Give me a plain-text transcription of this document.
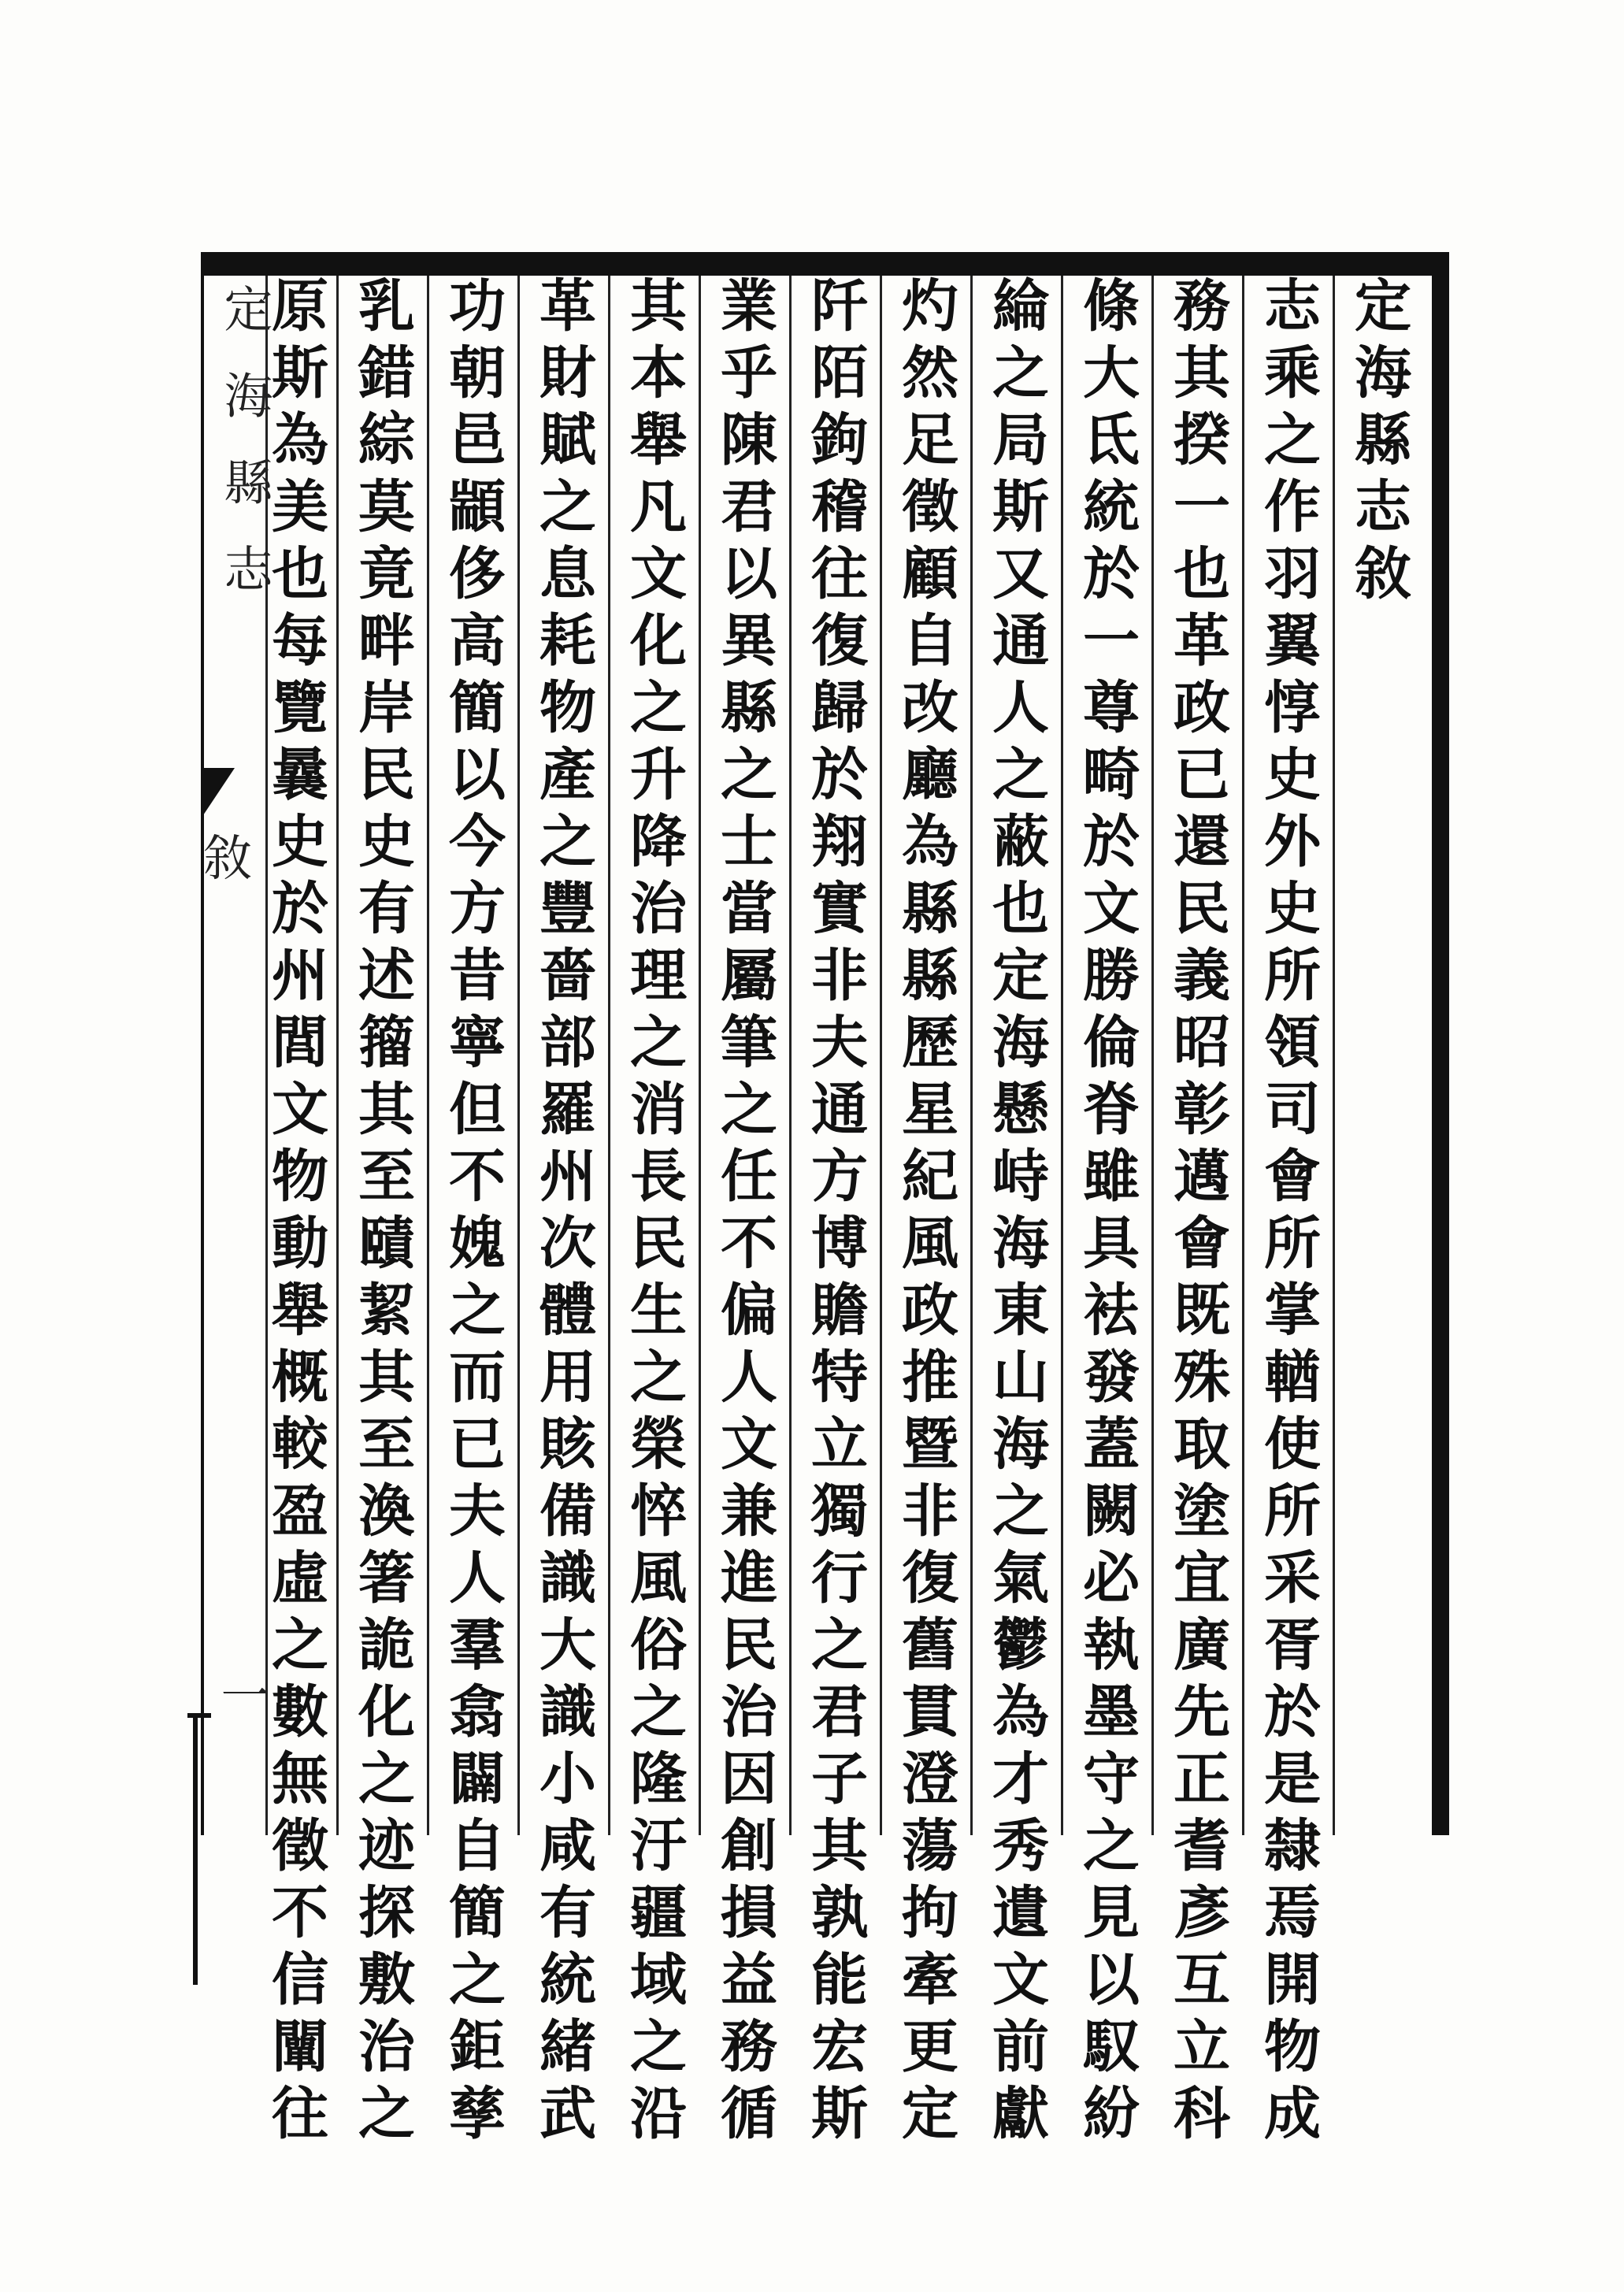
定海縣志
敘
一
定海縣志敘
志乘之作羽翼惇史外史所領司會所掌輶使所采胥於是隸焉開物成
務其揆一也革政已還民義昭彰邁會既殊取塗宜廣先正耆彥互立科
條大氐統於一尊畸於文勝倫脊雖具袪發蓋闕必執墨守之見以馭紛
綸之局斯又通人之蔽也定海懸峙海東山海之氣鬱為才秀遺文前獻
灼然足徵顧自改廳為縣縣歷星紀風政推暨非復舊貫澄蕩拘牽更定
阡陌鉤稽往復歸於翔實非夫通方博贍特立獨行之君子其孰能宏斯
業乎陳君以異縣之士當屬筆之任不偏人文兼進民治因創損益務循
其本舉凡文化之升降治理之消長民生之榮悴風俗之隆汙疆域之沿
革財賦之息耗物產之豐嗇部羅州次體用賅備識大識小咸有統緒武
功朝邑顓侈高簡以今方昔寧但不媿之而已夫人羣翕闢自簡之鉅孳
乳錯綜莫竟畔岸民史有述籀其至賾絜其至渙箸詭化之迹探敷治之
原斯為美也每覽曩史於州閭文物動舉概較盈虛之數無徵不信闡往
